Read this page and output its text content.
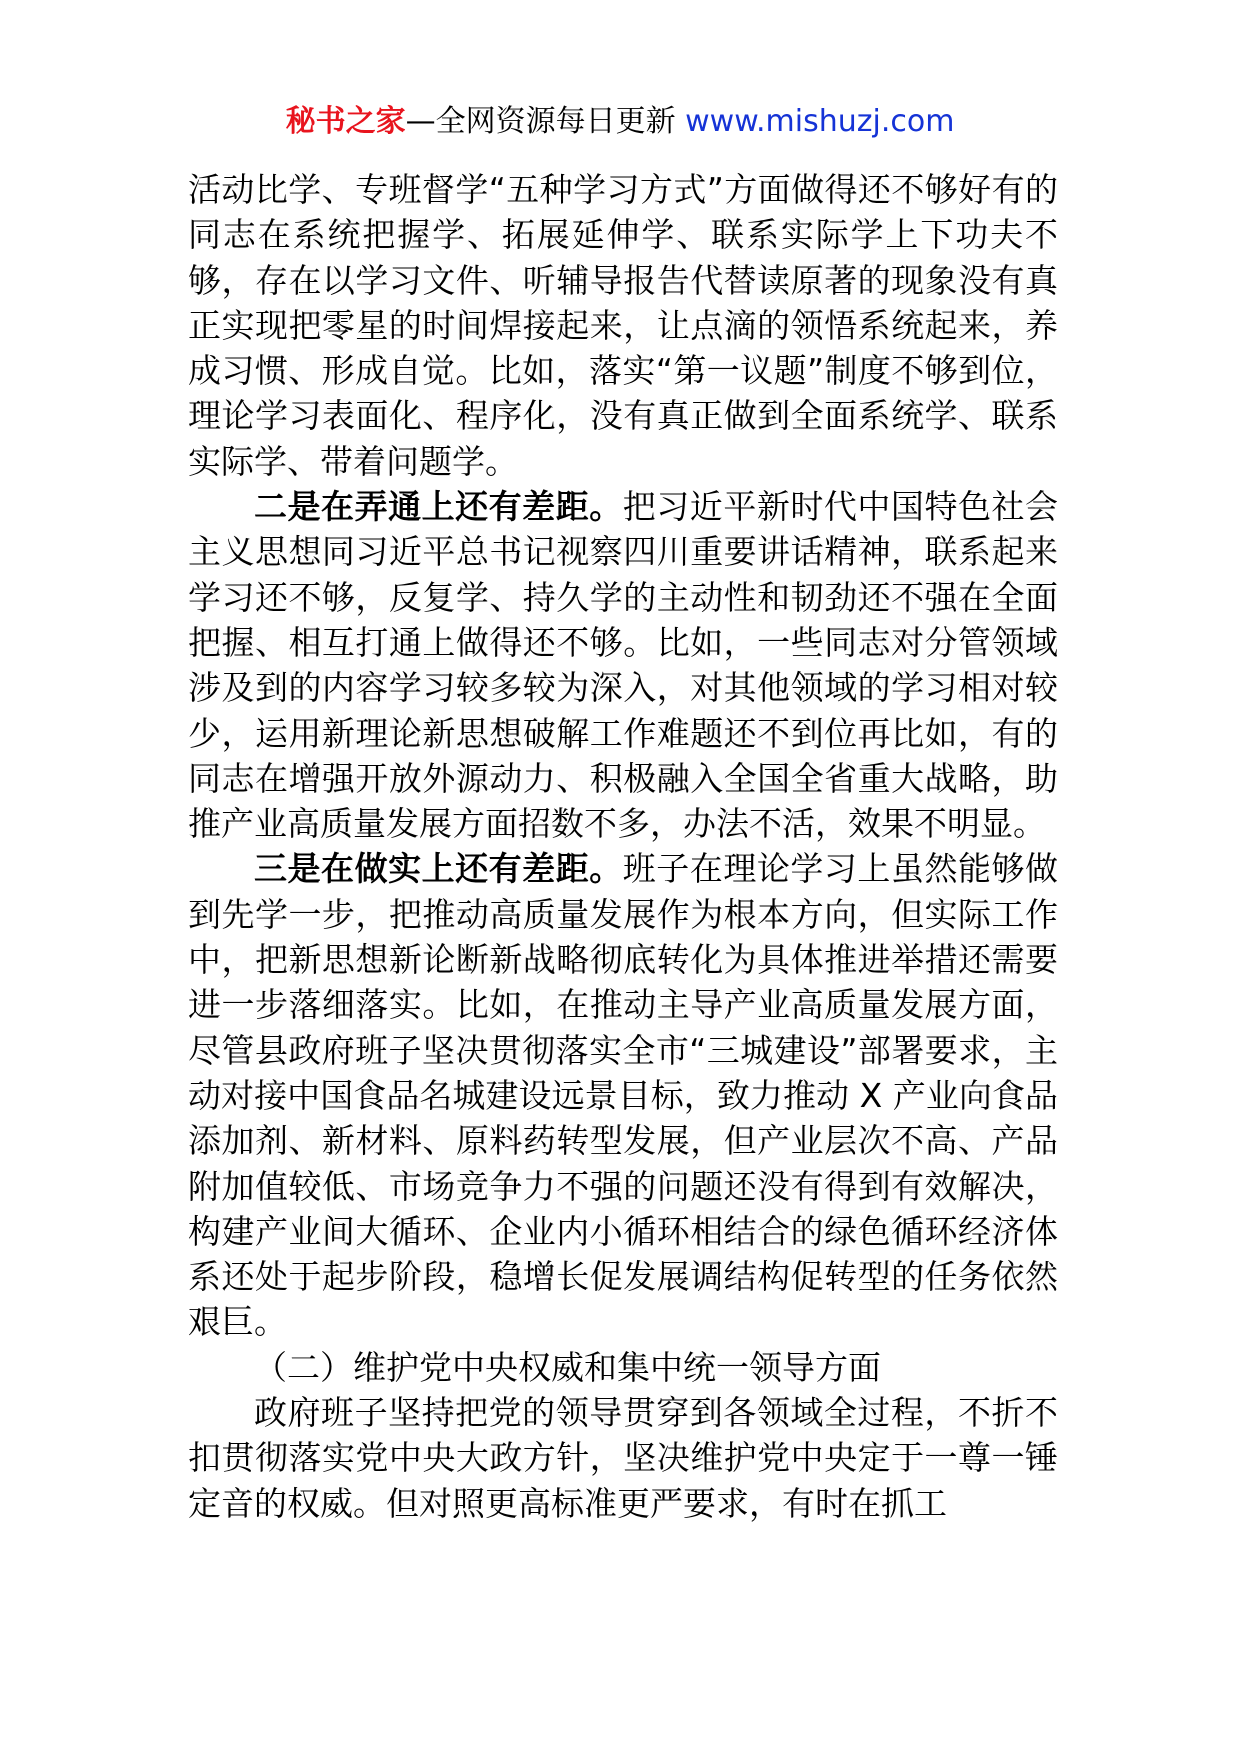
秘书之家—全网资源每日更新 www.mishuzj.com

活动比学、专班督学“五种学习方式”方面做得还不够好有的同志在系统把握学、拓展延伸学、联系实际学上下功夫不够，存在以学习文件、听辅导报告代替读原著的现象没有真正实现把零星的时间焊接起来，让点滴的领悟系统起来，养成习惯、形成自觉。比如，落实“第一议题”制度不够到位，理论学习表面化、程序化，没有真正做到全面系统学、联系实际学、带着问题学。

二是在弄通上还有差距。把习近平新时代中国特色社会主义思想同习近平总书记视察四川重要讲话精神，联系起来学习还不够，反复学、持久学的主动性和韧劲还不强在全面把握、相互打通上做得还不够。比如，一些同志对分管领域涉及到的内容学习较多较为深入，对其他领域的学习相对较少，运用新理论新思想破解工作难题还不到位再比如，有的同志在增强开放外源动力、积极融入全国全省重大战略，助推产业高质量发展方面招数不多，办法不活，效果不明显。

三是在做实上还有差距。班子在理论学习上虽然能够做到先学一步，把推动高质量发展作为根本方向，但实际工作中，把新思想新论断新战略彻底转化为具体推进举措还需要进一步落细落实。比如，在推动主导产业高质量发展方面，尽管县政府班子坚决贯彻落实全市“三城建设”部署要求，主动对接中国食品名城建设远景目标，致力推动 X 产业向食品添加剂、新材料、原料药转型发展，但产业层次不高、产品附加值较低、市场竞争力不强的问题还没有得到有效解决，构建产业间大循环、企业内小循环相结合的绿色循环经济体系还处于起步阶段，稳增长促发展调结构促转型的任务依然艰巨。

（二）维护党中央权威和集中统一领导方面

政府班子坚持把党的领导贯穿到各领域全过程，不折不扣贯彻落实党中央大政方针，坚决维护党中央定于一尊一锤定音的权威。但对照更高标准更严要求，有时在抓工
